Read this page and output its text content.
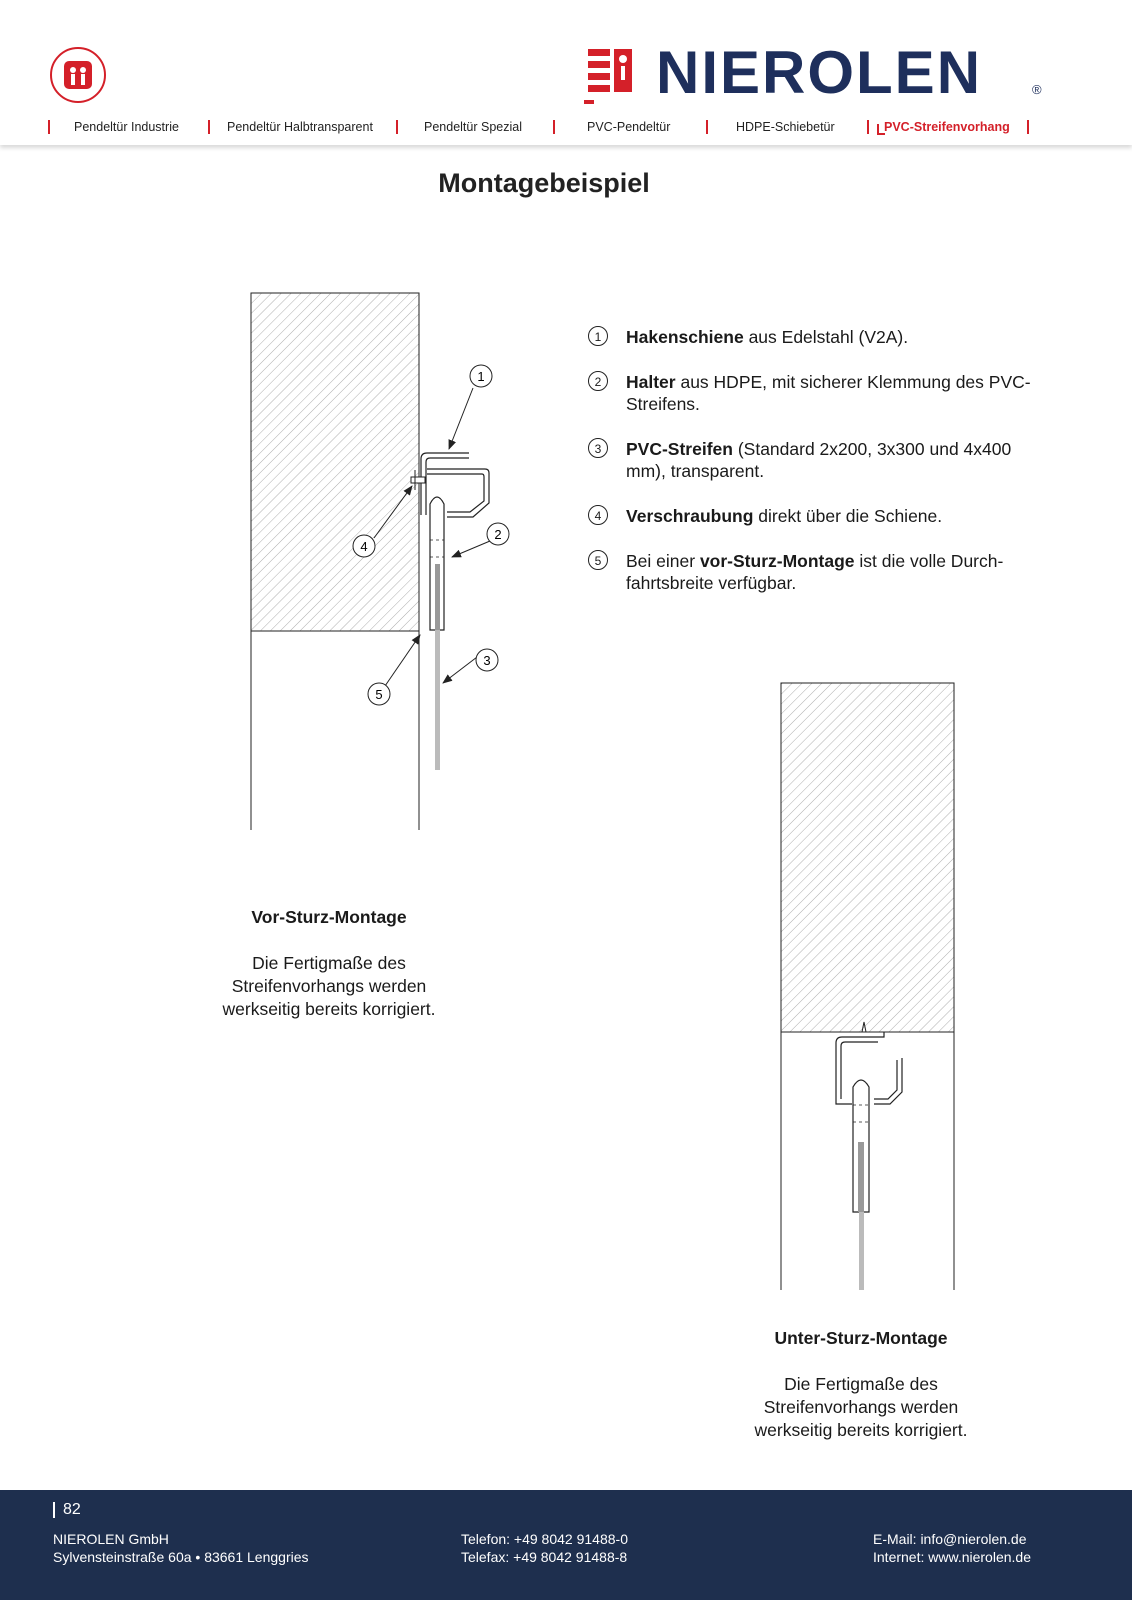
NIEROLEN	®
Pendeltür Industrie	Pendeltür Halbtransparent	Pendeltür Spezial	PVC-Pendeltür	HDPE-Schiebetür	PVC-Streifenvorhang
Montagebeispiel
1
2
4
3
5
1	Hakenschiene aus Edelstahl (V2A).
2	Halter aus HDPE, mit sicherer Klemmung des PVC-Streifens.
3	PVC-Streifen (Standard 2x200, 3x300 und 4x400 mm), transparent.
4	Verschraubung direkt über die Schiene.
5	Bei einer vor-Sturz-Montage ist die volle Durch-fahrtsbreite verfügbar.
Vor-Sturz-Montage
Die Fertigmaße des
Streifenvorhangs werden
werkseitig bereits korrigiert.
Unter-Sturz-Montage
Die Fertigmaße des
Streifenvorhangs werden
werkseitig bereits korrigiert.
82
NIEROLEN GmbH
Sylvensteinstraße 60a • 83661 Lenggries
Telefon: +49 8042 91488-0
Telefax: +49 8042 91488-8
E-Mail: info@nierolen.de
Internet: www.nierolen.de
